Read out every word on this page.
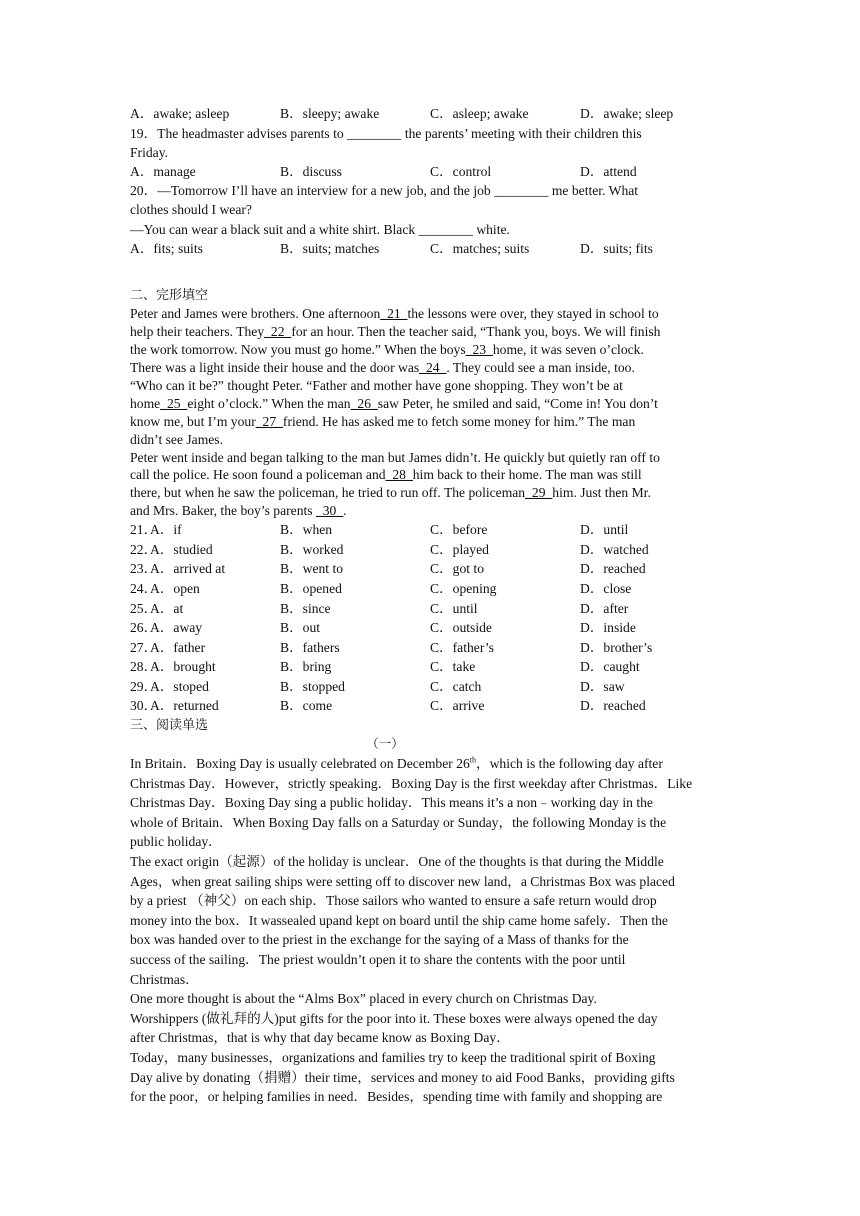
A．awake; asleep	B．sleepy; awake	C．asleep; awake	D．awake; sleep
19．The headmaster advises parents to ________ the parents’ meeting with their children this
Friday.
A．manage	B．discuss	C．control	D．attend
20．—Tomorrow I’ll have an interview for a new job, and the job ________ me better. What
clothes should I wear?
—You can wear a black suit and a white shirt. Black ________ white.
A．fits; suits	B．suits; matches	C．matches; suits	D．suits; fits
二、完形填空
Peter and James were brothers. One afternoon_21_the lessons were over, they stayed in school to
help their teachers. They_22_for an hour. Then the teacher said, “Thank you, boys. We will finish
the work tomorrow. Now you must go home.” When the boys_23_home, it was seven o’clock.
There was a light inside their house and the door was_24_. They could see a man inside, too.
“Who can it be?” thought Peter. “Father and mother have gone shopping. They won’t be at
home_25_eight o’clock.” When the man_26_saw Peter, he smiled and said, “Come in! You don’t
know me, but I’m your_27_friend. He has asked me to fetch some money for him.” The man
didn’t see James.
Peter went inside and began talking to the man but James didn’t. He quickly but quietly ran off to
call the police. He soon found a policeman and_28_him back to their home. The man was still
there, but when he saw the policeman, he tried to run off. The policeman_29_him. Just then Mr.
and Mrs. Baker, the boy’s parents _30_.
21．
A．if	B．when	C．before	D．until
22．
A．studied	B．worked	C．played	D．watched
23．
A．arrived at	B．went to	C．got to	D．reached
24．
A．open	B．opened	C．opening	D．close
25．
A．at	B．since	C．until	D．after
26．
A．away	B．out	C．outside	D．inside
27．
A．father	B．fathers	C．father’s	D．brother’s
28．
A．brought	B．bring	C．take	D．caught
29．
A．stoped	B．stopped	C．catch	D．saw
30．
A．returned	B．come	C．arrive	D．reached
三、阅读单选
（一）
In Britain．Boxing Day is usually celebrated on December 26th，which is the following day after
Christmas Day．However，strictly speaking．Boxing Day is the first weekday after Christmas．Like
Christmas Day．Boxing Day sing a public holiday．This means it’s a non﹣working day in the
whole of Britain．When Boxing Day falls on a Saturday or Sunday，the following Monday is the
public holiday．
The exact origin（起源）of the holiday is unclear．One of the thoughts is that during the Middle
Ages，when great sailing ships were setting off to discover new land，a Christmas Box was placed
by a priest （神父）on each ship．Those sailors who wanted to ensure a safe return would drop
money into the box．It wassealed upand kept on board until the ship came home safely．Then the
box was handed over to the priest in the exchange for the saying of a Mass of thanks for the
success of the sailing．The priest wouldn’t open it to share the contents with the poor until
Christmas．
One more thought is about the “Alms Box” placed in every church on Christmas Day.
Worshippers (做礼拜的人)put gifts for the poor into it. These boxes were always opened the day
after Christmas，that is why that day became know as Boxing Day．
Today，many businesses，organizations and families try to keep the traditional spirit of Boxing
Day alive by donating（捐赠）their time，services and money to aid Food Banks，providing gifts
for the poor，or helping families in need．Besides，spending time with family and shopping are
